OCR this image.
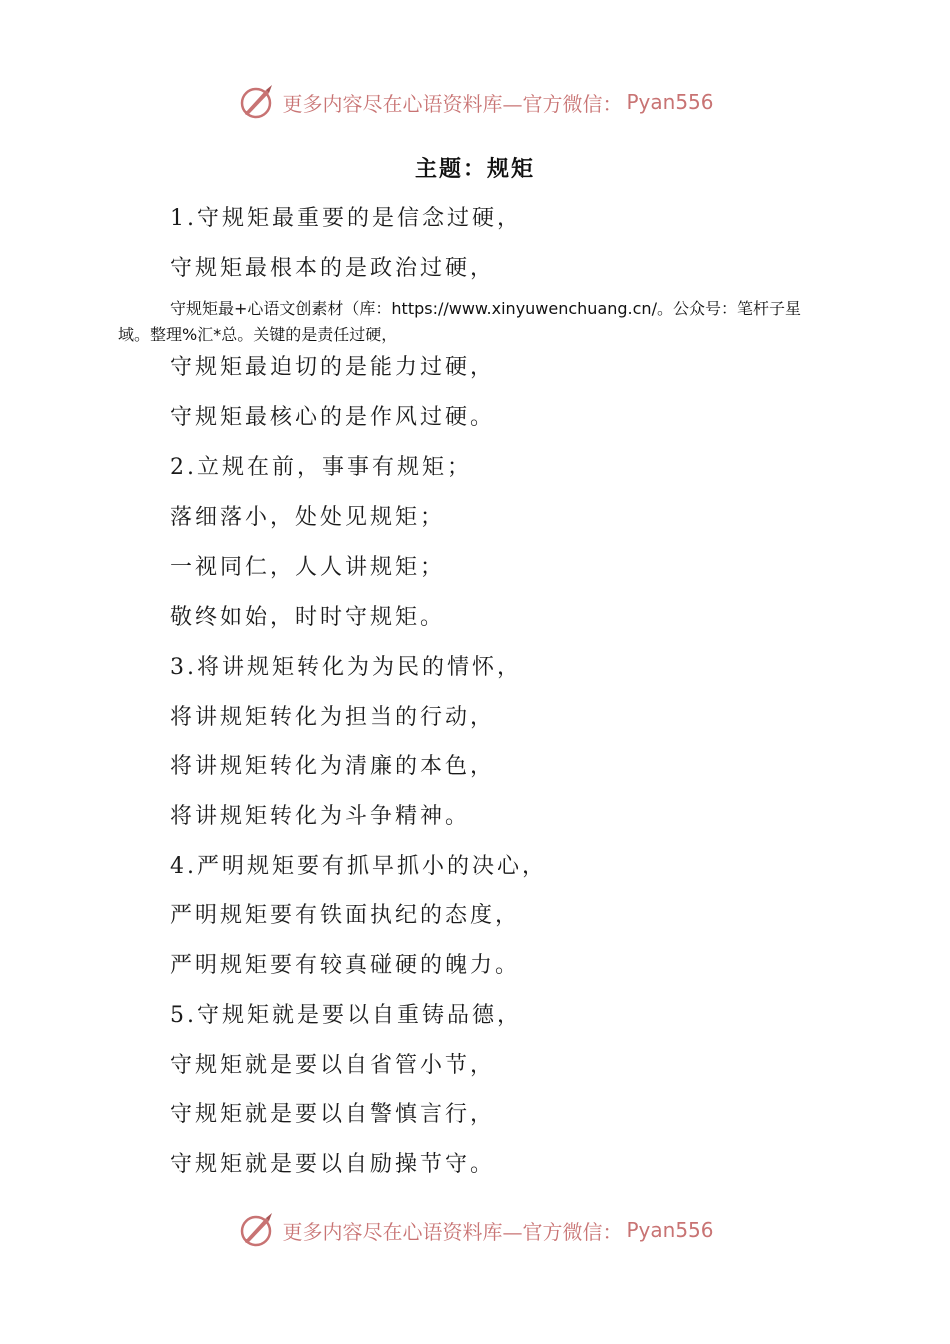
更多内容尽在心语资料库—官方微信： Pyan556
主题：规矩
1.守规矩最重要的是信念过硬，
守规矩最根本的是政治过硬，
守规矩最+心语文创素材（库：https://www.xinyuwenchuang.cn/。公众号：笔杆子星域。整理%汇*总。关键的是责任过硬，
守规矩最迫切的是能力过硬，
守规矩最核心的是作风过硬。
2.立规在前，事事有规矩；
落细落小，处处见规矩；
一视同仁，人人讲规矩；
敬终如始，时时守规矩。
3.将讲规矩转化为为民的情怀，
将讲规矩转化为担当的行动，
将讲规矩转化为清廉的本色，
将讲规矩转化为斗争精神。
4.严明规矩要有抓早抓小的决心，
严明规矩要有铁面执纪的态度，
严明规矩要有较真碰硬的魄力。
5.守规矩就是要以自重铸品德，
守规矩就是要以自省管小节，
守规矩就是要以自警慎言行，
守规矩就是要以自励操节守。
更多内容尽在心语资料库—官方微信： Pyan556
